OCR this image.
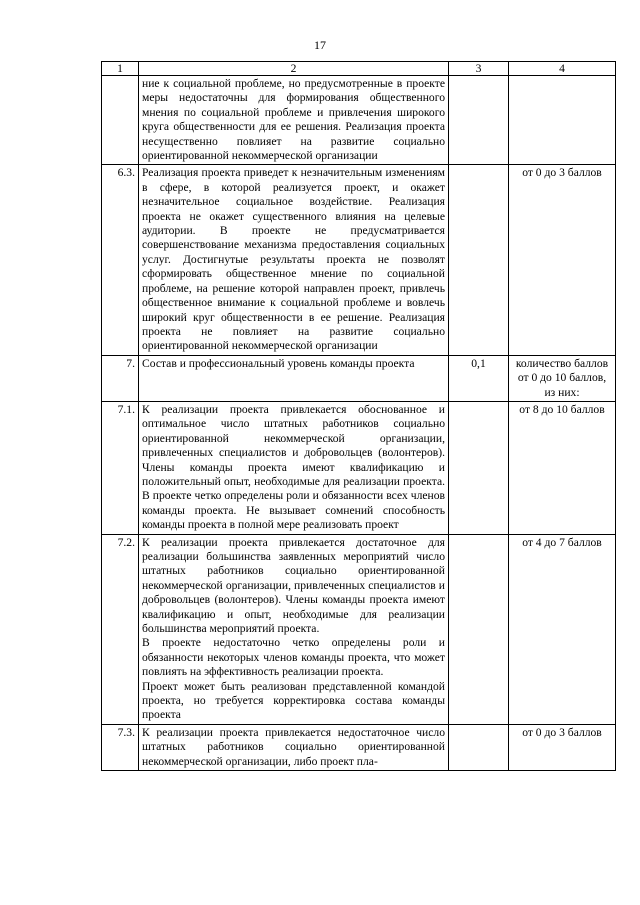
17
1	2	3	4

	ние к социальной проблеме, но предусмотренные в проекте меры недостаточны для формирования общественного мнения по социальной проблеме и привлечения широкого круга общественности для ее решения. Реализация проекта несущественно повлияет на развитие социально ориентированной некоммерческой организации		

6.3.	Реализация проекта приведет к незначительным изменениям в сфере, в которой реализуется проект, и окажет незначительное социальное воздействие. Реализация проекта не окажет существенного влияния на целевые аудитории. В проекте не предусматривается совершенствование механизма предоставления социальных услуг. Достигнутые результаты проекта не позволят сформировать общественное мнение по социальной проблеме, на решение которой направлен проект, привлечь общественное внимание к социальной проблеме и вовлечь широкий круг общественности в ее решение. Реализация проекта не повлияет на развитие социально ориентированной некоммерческой организации		от 0 до 3 баллов
7.	Состав и профессиональный уровень команды проекта	0,1	количество баллов от 0 до 10 баллов, из них:
7.1.	К реализации проекта привлекается обоснованное и оптимальное число штатных работников социально ориентированной некоммерческой организации, привлеченных специалистов и добровольцев (волонтеров). Члены команды проекта имеют квалификацию и положительный опыт, необходимые для реализации проекта. В проекте четко определены роли и обязанности всех членов команды проекта. Не вызывает сомнений способность команды проекта в полной мере реализовать проект		от 8 до 10 баллов
7.2.	К реализации проекта привлекается достаточное для реализации большинства заявленных мероприятий число штатных работников социально ориентированной некоммерческой организации, привлеченных специалистов и добровольцев (волонтеров). Члены команды проекта имеют квалификацию и опыт, необходимые для реализации большинства мероприятий проекта.

В проекте недостаточно четко определены роли и обязанности некоторых членов команды проекта, что может повлиять на эффективность реализации проекта.

Проект может быть реализован представленной командой проекта, но требуется корректировка состава команды проекта		от 4 до 7 баллов
7.3.	К реализации проекта привлекается недостаточное число штатных работников социально ориентированной некоммерческой организации, либо проект пла-		от 0 до 3 баллов
